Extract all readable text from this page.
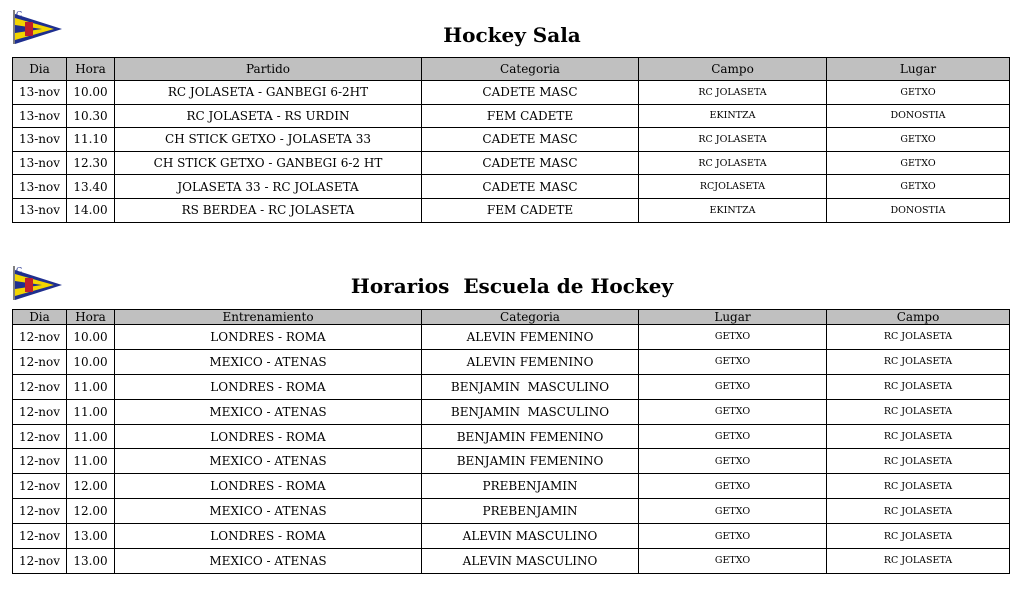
C
Hockey Sala
Dia	Hora	Partido	Categoria	Campo	Lugar
13-nov	10.00	RC JOLASETA - GANBEGI 6-2HT	CADETE MASC	RC JOLASETA	GETXO
13-nov	10.30	RC JOLASETA - RS URDIN	FEM CADETE	EKINTZA	DONOSTIA
13-nov	11.10	CH STICK GETXO - JOLASETA 33	CADETE MASC	RC JOLASETA	GETXO
13-nov	12.30	CH STICK GETXO - GANBEGI 6-2 HT	CADETE MASC	RC JOLASETA	GETXO
13-nov	13.40	JOLASETA 33 - RC JOLASETA	CADETE MASC	RCJOLASETA	GETXO
13-nov	14.00	RS BERDEA - RC JOLASETA	FEM CADETE	EKINTZA	DONOSTIA
C
Horarios  Escuela de Hockey
Dia	Hora	Entrenamiento	Categoria	Lugar	Campo
12-nov	10.00	LONDRES - ROMA	ALEVIN FEMENINO	GETXO	RC JOLASETA
12-nov	10.00	MEXICO - ATENAS	ALEVIN FEMENINO	GETXO	RC JOLASETA
12-nov	11.00	LONDRES - ROMA	BENJAMIN  MASCULINO	GETXO	RC JOLASETA
12-nov	11.00	MEXICO - ATENAS	BENJAMIN  MASCULINO	GETXO	RC JOLASETA
12-nov	11.00	LONDRES - ROMA	BENJAMIN FEMENINO	GETXO	RC JOLASETA
12-nov	11.00	MEXICO - ATENAS	BENJAMIN FEMENINO	GETXO	RC JOLASETA
12-nov	12.00	LONDRES - ROMA	PREBENJAMIN	GETXO	RC JOLASETA
12-nov	12.00	MEXICO - ATENAS	PREBENJAMIN	GETXO	RC JOLASETA
12-nov	13.00	LONDRES - ROMA	ALEVIN MASCULINO	GETXO	RC JOLASETA
12-nov	13.00	MEXICO - ATENAS	ALEVIN MASCULINO	GETXO	RC JOLASETA
